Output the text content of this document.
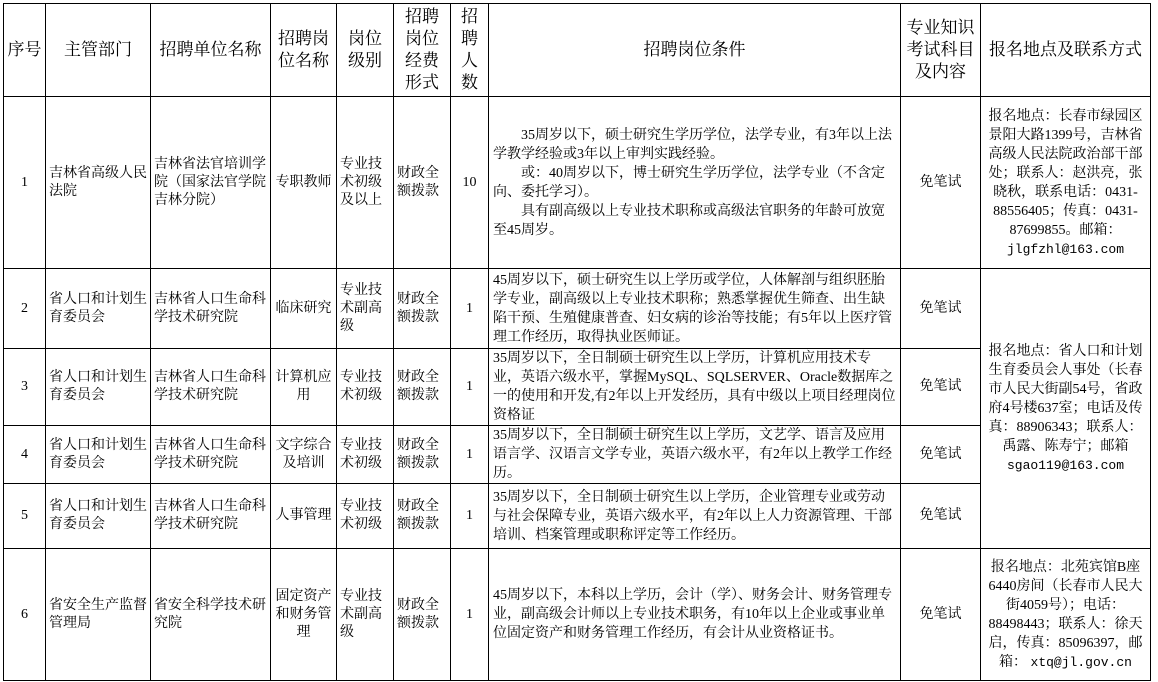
序号	主管部门	招聘单位名称	招聘岗位名称	岗位级别	招聘岗位经费形式	招聘人数	招聘岗位条件	专业知识考试科目及内容	报名地点及联系方式
1	吉林省高级人民法院	吉林省法官培训学院（国家法官学院吉林分院）	专职教师	专业技术初级及以上	财政全额拨款	10	35周岁以下，硕士研究生学历学位，法学专业，有3年以上法学教学经验或3年以上审判实践经验。
或：40周岁以下，博士研究生学历学位，法学专业（不含定向、委托学习）。
具有副高级以上专业技术职称或高级法官职务的年龄可放宽至45周岁。	免笔试	报名地点：长春市绿园区景阳大路1399号，吉林省高级人民法院政治部干部处；联系人：赵洪亮，张晓秋，联系电话：0431-88556405；传真：0431-87699855。邮箱： jlgfzhl@163.com
2	省人口和计划生育委员会	吉林省人口生命科学技术研究院	临床研究	专业技术副高级	财政全额拨款	1	45周岁以下，硕士研究生以上学历或学位，人体解剖与组织胚胎学专业，副高级以上专业技术职称；熟悉掌握优生筛查、出生缺陷干预、生殖健康普查、妇女病的诊治等技能；有5年以上医疗管理工作经历，取得执业医师证。	免笔试	报名地点：省人口和计划生育委员会人事处（长春市人民大街副54号，省政府4号楼637室；电话及传真：88906343；联系人：禹露、陈寿宁；邮箱
sgao119@163.com

3	省人口和计划生育委员会	吉林省人口生命科学技术研究院	计算机应用	专业技术初级	财政全额拨款	1	35周岁以下，全日制硕士研究生以上学历，计算机应用技术专业，英语六级水平，掌握MySQL、SQLSERVER、Oracle数据库之一的使用和开发,有2年以上开发经历，具有中级以上项目经理岗位资格证	免笔试	
4	省人口和计划生育委员会	吉林省人口生命科学技术研究院	文字综合及培训	专业技术初级	财政全额拨款	1	35周岁以下，全日制硕士研究生以上学历，文艺学、语言及应用语言学、汉语言文学专业，英语六级水平，有2年以上教学工作经历。	免笔试	
5	省人口和计划生育委员会	吉林省人口生命科学技术研究院	人事管理	专业技术初级	财政全额拨款	1	35周岁以下，全日制硕士研究生以上学历，企业管理专业或劳动与社会保障专业，英语六级水平，有2年以上人力资源管理、干部培训、档案管理或职称评定等工作经历。	免笔试	
6	省安全生产监督管理局	省安全科学技术研究院	固定资产和财务管理	专业技术副高级	财政全额拨款	1	45周岁以下，本科以上学历，会计（学）、财务会计、财务管理专业，副高级会计师以上专业技术职务，有10年以上企业或事业单位固定资产和财务管理工作经历，有会计从业资格证书。	免笔试	报名地点：北苑宾馆B座6440房间（长春市人民大街4059号）；电话：88498443；联系人：徐天启，传真：85096397，邮箱： xtq@jl.gov.cn
